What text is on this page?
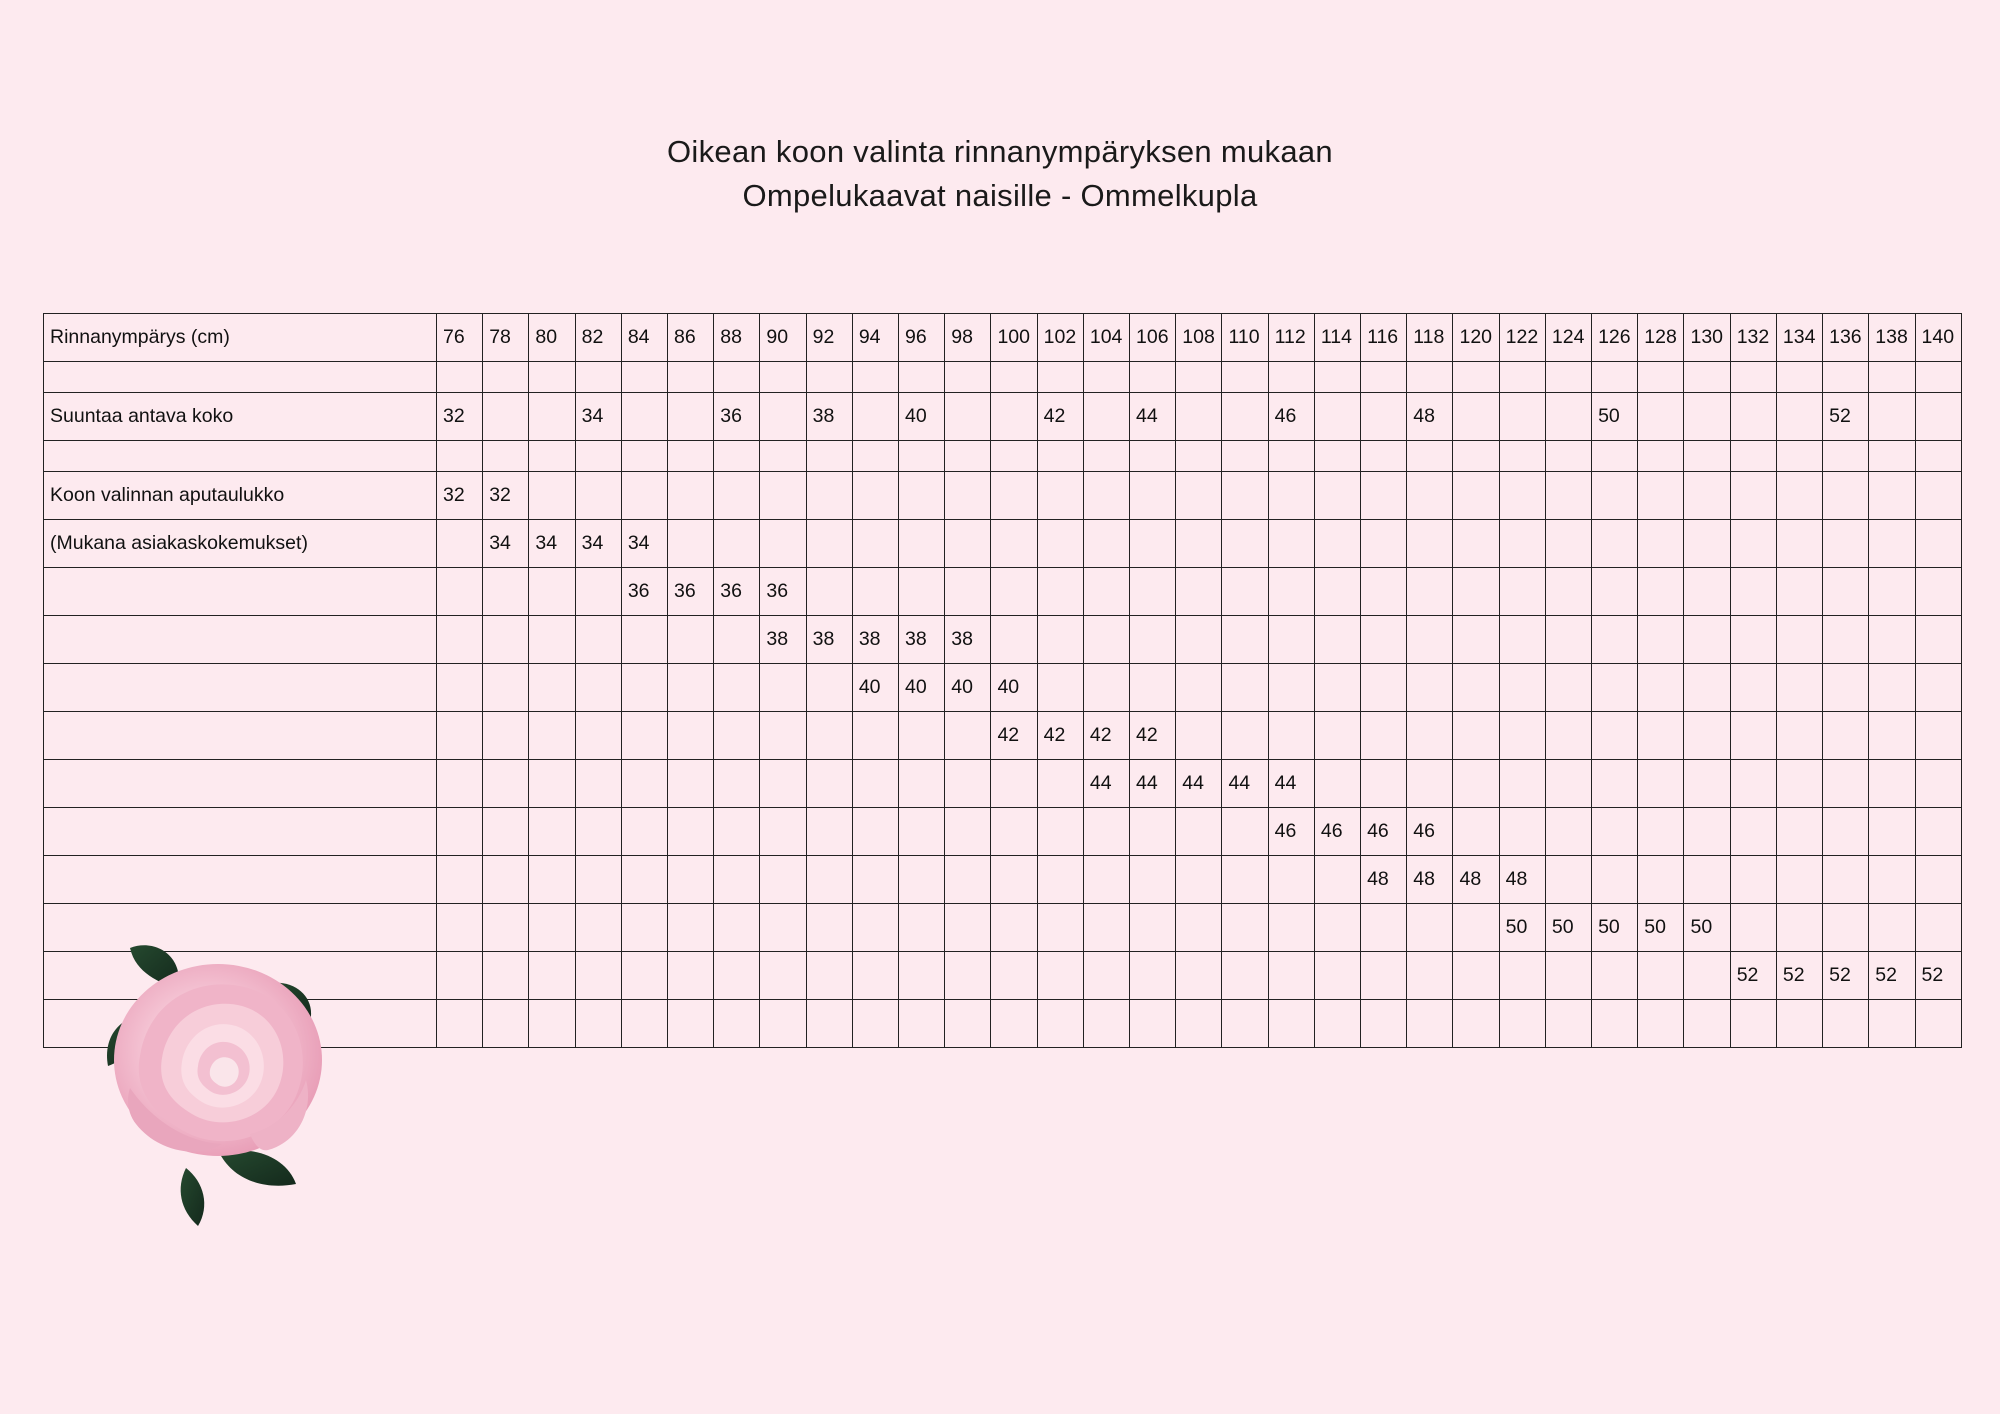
Oikean koon valinta rinnanympäryksen mukaan
Ompelukaavat naisille - Ommelkupla
Rinnanympärys (cm)	76	78	80	82	84	86	88	90	92	94	96	98	100	102	104	106	108	110	112	114	116	118	120	122	124	126	128	130	132	134	136	138	140

Suuntaa antava koko	32			34			36		38		40			42		44			46			48				50					52		

Koon valinnan aputaulukko	32	32																															
(Mukana asiakaskokemukset)		34	34	34	34																												
					36	36	36	36																									
								38	38	38	38	38																					
										40	40	40	40																				
													42	42	42	42																	
															44	44	44	44	44														
																			46	46	46	46											
																					48	48	48	48									
																								50	50	50	50	50					
																													52	52	52	52	52
